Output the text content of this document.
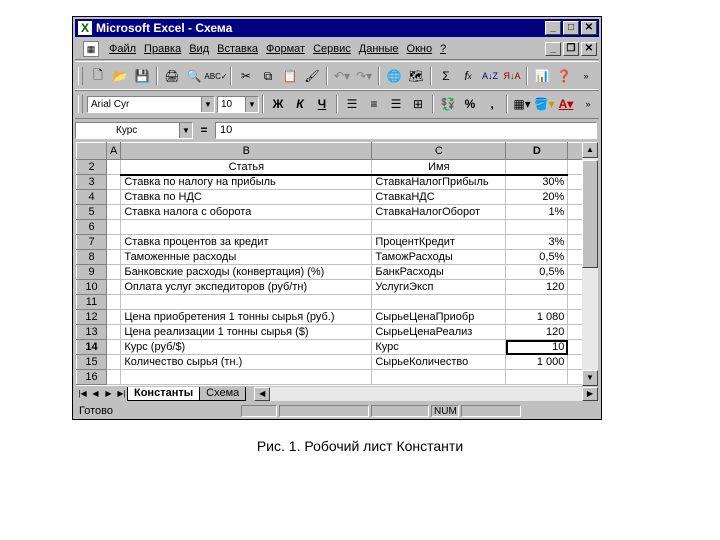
X Microsoft Excel - Схема	_	□	✕
▦	Файл Правка Вид Вставка Формат Сервис Данные Окно ?	_	❐ ✕
🗋 📂 💾 🖨 🔍 ABC✓	✂	⧉ 📋 🖌 ↶▾ ↷▾ 🌐 🗺	Σ	f x	A↓Z Я↓A 📊 ❓	»
Arial Cyr	▼ 10	▼	Ж	К	Ч	☰	≡	☰ ⊞	💱 %	,	▦▾ 🪣▾ A▾	»
Курс	▼ =	10
	A	B	C	D	
2		Статья	Имя		
3		Ставка по налогу на прибыль	СтавкаНалогПрибыль	30%	
4		Ставка по НДС	СтавкаНДС	20%	
5		Ставка налога с оборота	СтавкаНалогОборот	1%	
6					
7		Ставка процентов за кредит	ПроцентКредит	3%	
8		Таможенные расходы	ТаможРасходы	0,5%	
9		Банковские расходы (конвертация) (%)	БанкРасходы	0,5%	
10		Оплата услуг экспедиторов (руб/тн)	УслугиЭксп	120	
11					
12		Цена приобретения 1 тонны сырья (руб.)	СырьеЦенаПриобр	1 080	
13		Цена реализации 1 тонны сырья ($)	СырьеЦенаРеализ	120	
14		Курс (руб/$)	Курс	10	
15		Количество сырья (тн.)	СырьеКоличество	1 000	
16					
▲
▼
|◀ ◀ ▶ ▶| Константы	Схема	◀	▶
Готово	NUM
Рис. 1. Робочий лист Константи
